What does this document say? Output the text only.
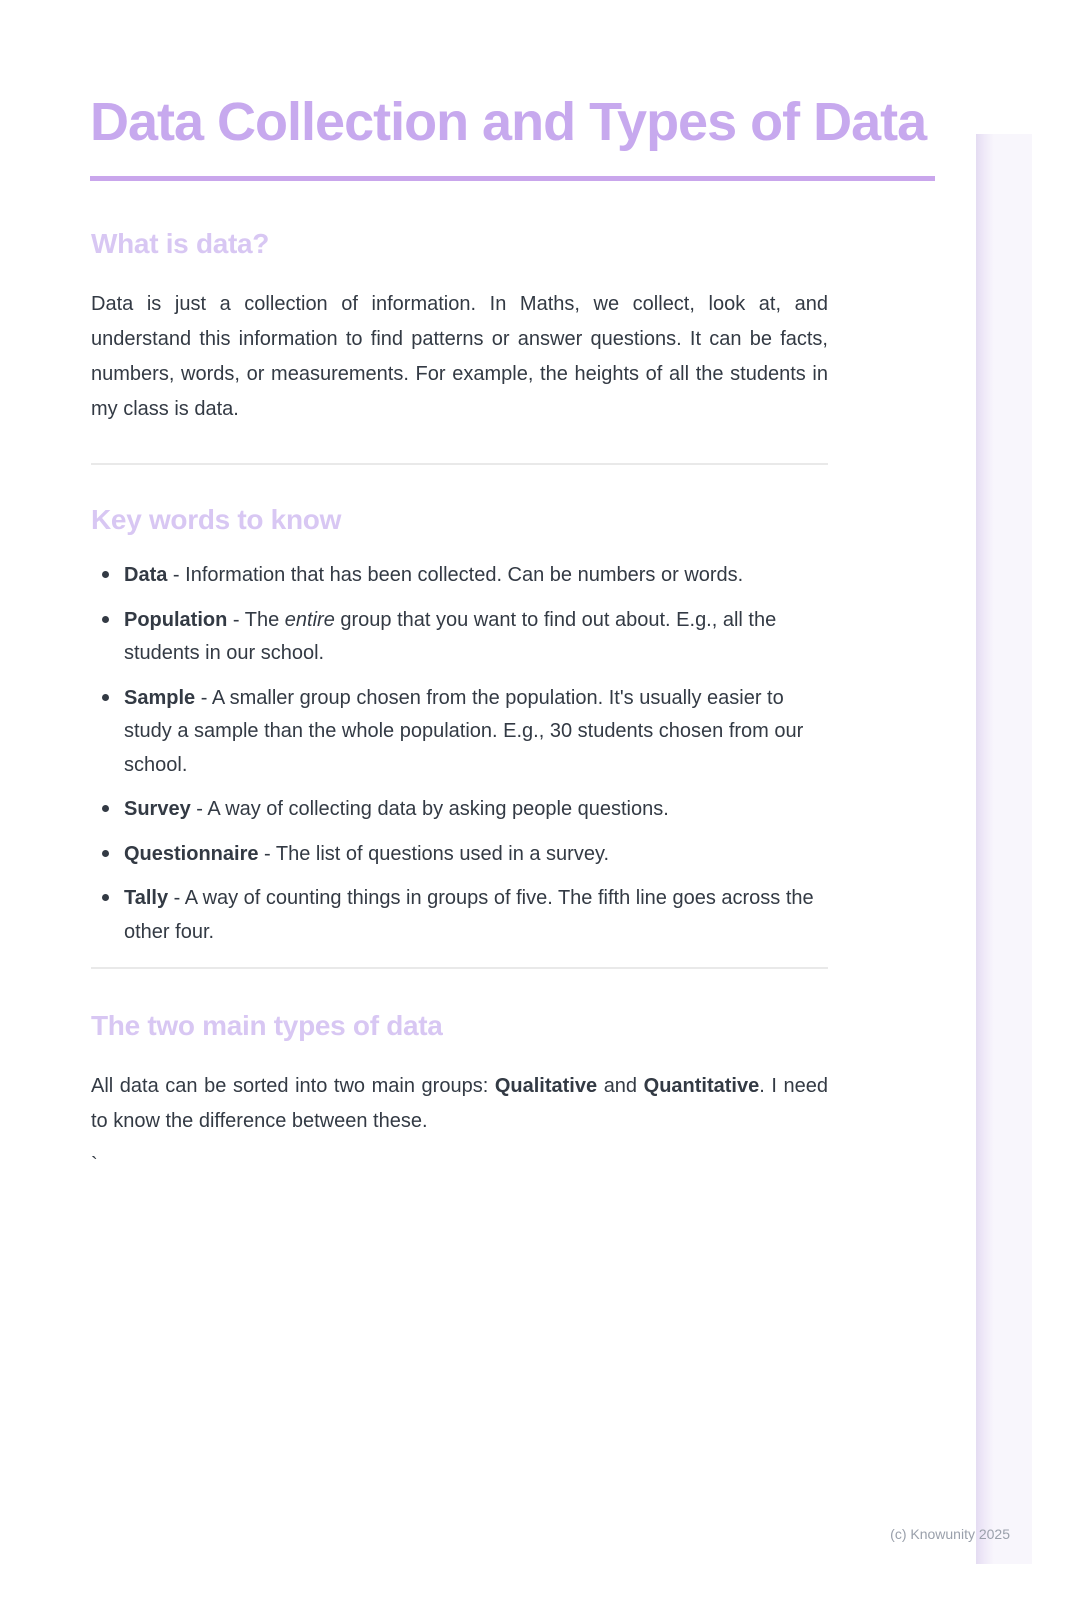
Data Collection and Types of Data
What is data?

Data is just a collection of information. In Maths, we collect, look at, and understand this information to find patterns or answer questions. It can be facts, numbers, words, or measurements. For example, the heights of all the students in my class is data.

Key words to know
Data - Information that has been collected. Can be numbers or words.
Population - The entire group that you want to find out about. E.g., all the students in our school.
Sample - A smaller group chosen from the population. It's usually easier to study a sample than the whole population. E.g., 30 students chosen from our school.
Survey - A way of collecting data by asking people questions.
Questionnaire - The list of questions used in a survey.
Tally - A way of counting things in groups of five. The fifth line goes across the other four.
The two main types of data

All data can be sorted into two main groups: Qualitative and Quantitative. I need to know the difference between these.

`

(c) Knowunity 2025
